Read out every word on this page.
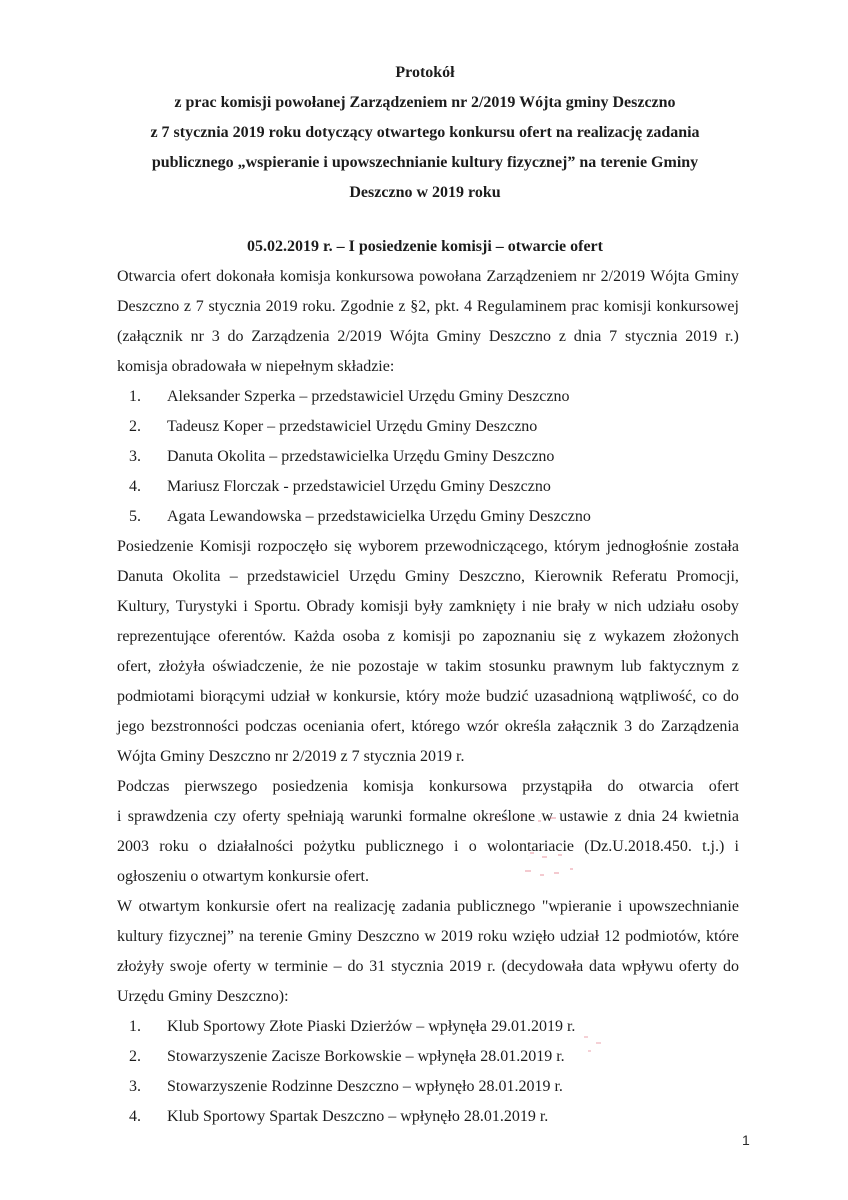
Protokół
z prac komisji powołanej Zarządzeniem nr 2/2019 Wójta gminy Deszczno
z 7 stycznia 2019 roku dotyczący otwartego konkursu ofert na realizację zadania
publicznego „wspieranie i upowszechnianie kultury fizycznej” na terenie Gminy
Deszczno w 2019 roku
05.02.2019 r. – I posiedzenie komisji – otwarcie ofert
Otwarcia ofert dokonała komisja konkursowa powołana Zarządzeniem nr 2/2019 Wójta Gminy
Deszczno z 7 stycznia 2019 roku. Zgodnie z §2, pkt. 4 Regulaminem prac komisji konkursowej
(załącznik nr 3 do Zarządzenia 2/2019 Wójta Gminy Deszczno z dnia 7 stycznia 2019 r.)
komisja obradowała w niepełnym składzie:
1.	Aleksander Szperka – przedstawiciel Urzędu Gminy Deszczno
2.	Tadeusz Koper – przedstawiciel Urzędu Gminy Deszczno
3.	Danuta Okolita – przedstawicielka Urzędu Gminy Deszczno
4.	Mariusz Florczak - przedstawiciel Urzędu Gminy Deszczno
5.	Agata Lewandowska – przedstawicielka Urzędu Gminy Deszczno
Posiedzenie Komisji rozpoczęło się wyborem przewodniczącego, którym jednogłośnie została
Danuta Okolita – przedstawiciel Urzędu Gminy Deszczno, Kierownik Referatu Promocji,
Kultury, Turystyki i Sportu. Obrady komisji były zamknięty i nie brały w nich udziału osoby
reprezentujące oferentów. Każda osoba z komisji po zapoznaniu się z wykazem złożonych
ofert, złożyła oświadczenie, że nie pozostaje w takim stosunku prawnym lub faktycznym z
podmiotami biorącymi udział w konkursie, który może budzić uzasadnioną wątpliwość, co do
jego bezstronności podczas oceniania ofert, którego wzór określa załącznik 3 do Zarządzenia
Wójta Gminy Deszczno nr 2/2019 z 7 stycznia 2019 r.
Podczas pierwszego posiedzenia komisja konkursowa przystąpiła do otwarcia ofert
i sprawdzenia czy oferty spełniają warunki formalne określone w ustawie z dnia 24 kwietnia
2003 roku o działalności pożytku publicznego i o wolontariacie (Dz.U.2018.450. t.j.) i
ogłoszeniu o otwartym konkursie ofert.
W otwartym konkursie ofert na realizację zadania publicznego "wpieranie i upowszechnianie
kultury fizycznej” na terenie Gminy Deszczno w 2019 roku wzięło udział 12 podmiotów, które
złożyły swoje oferty w terminie – do 31 stycznia 2019 r. (decydowała data wpływu oferty do
Urzędu Gminy Deszczno):
1.	Klub Sportowy Złote Piaski Dzierżów – wpłynęła 29.01.2019 r.
2.	Stowarzyszenie Zacisze Borkowskie – wpłynęła 28.01.2019 r.
3.	Stowarzyszenie Rodzinne Deszczno – wpłynęło 28.01.2019 r.
4.	Klub Sportowy Spartak Deszczno – wpłynęło 28.01.2019 r.
1
